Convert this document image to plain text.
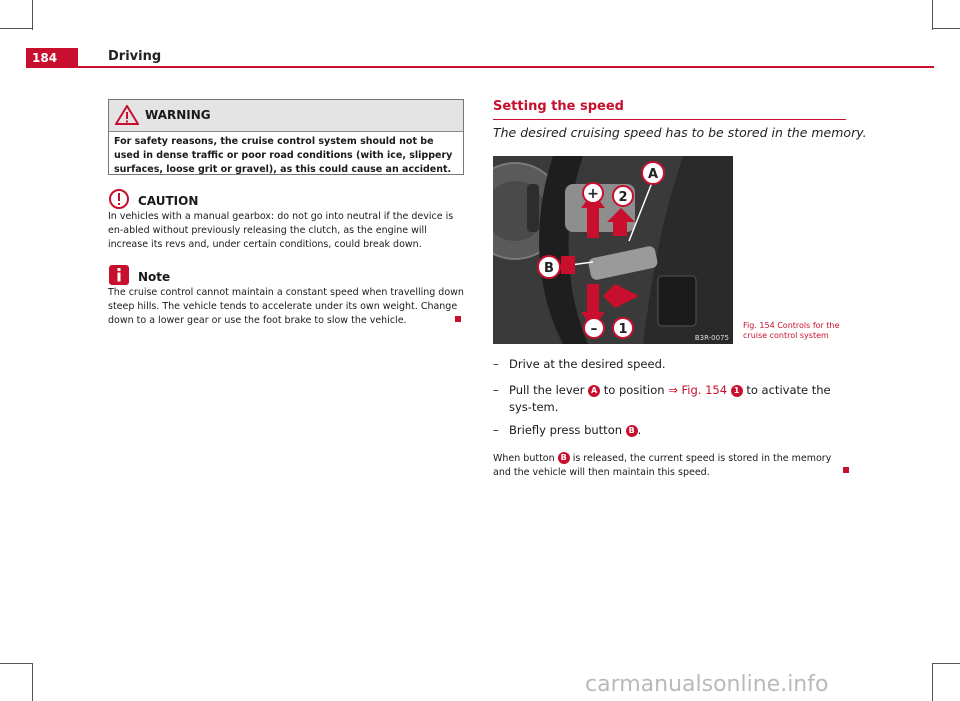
184	Driving
WARNING
For safety reasons, the cruise control system should not be used in dense traffic or poor road conditions (with ice, slippery surfaces, loose grit or gravel), as this could cause an accident.
CAUTION
In vehicles with a manual gearbox: do not go into neutral if the device is en-abled without previously releasing the clutch, as the engine will increase its revs and, under certain conditions, could break down.
Note
The cruise control cannot maintain a constant speed when travelling down steep hills. The vehicle tends to accelerate under its own weight. Change down to a lower gear or use the foot brake to slow the vehicle.
Setting the speed
The desired cruising speed has to be stored in the memory.
+ 2
A
B
– 1
B3R-0075
Fig. 154 Controls for the cruise control system
– Drive at the desired speed.
– Pull the lever A to position ⇒ Fig. 154 1 to activate the sys-tem.
– Briefly press button B .
When button B is released, the current speed is stored in the memory and the vehicle will then maintain this speed.
carmanualsonline.info
